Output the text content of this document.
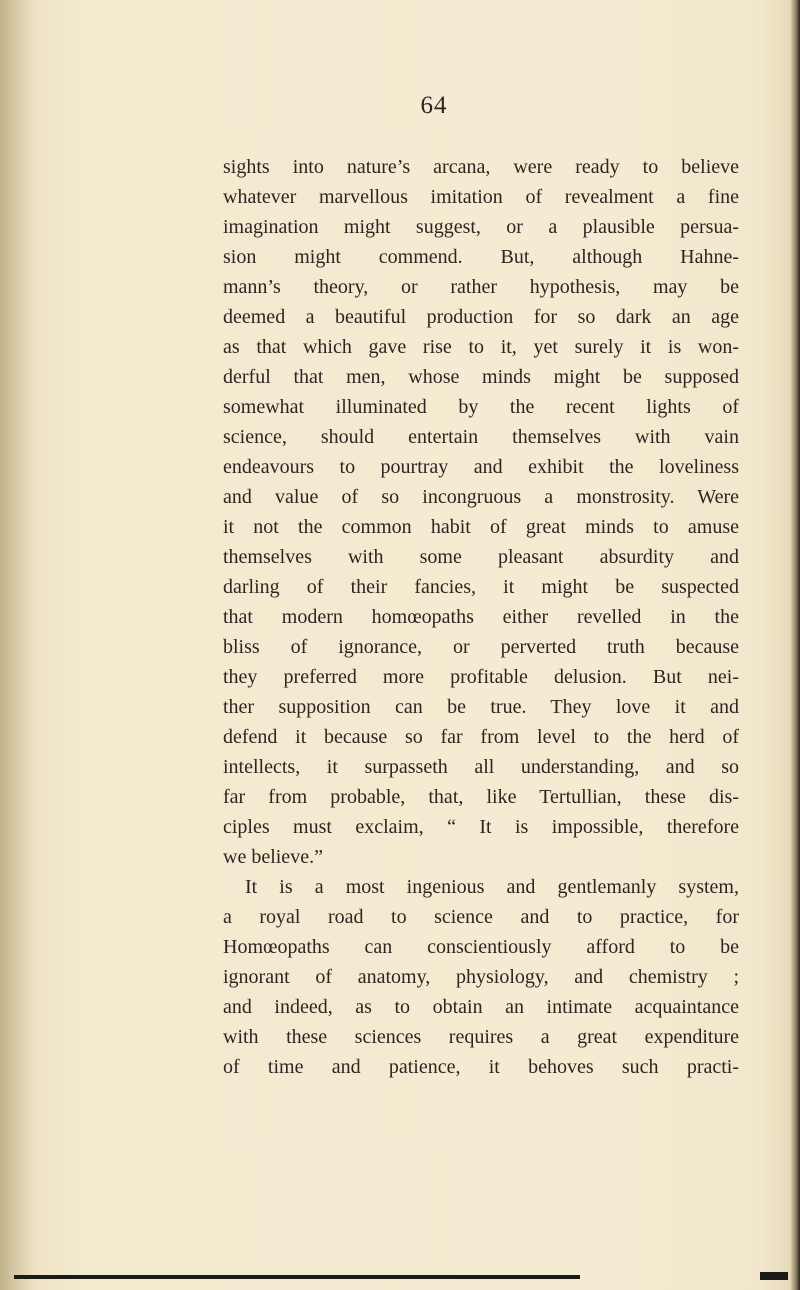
64
sights into nature’s arcana, were ready to believe
whatever marvellous imitation of revealment a fine
imagination might suggest, or a plausible persua-
sion might commend. But, although Hahne-
mann’s theory, or rather hypothesis, may be
deemed a beautiful production for so dark an age
as that which gave rise to it, yet surely it is won-
derful that men, whose minds might be supposed
somewhat illuminated by the recent lights of
science, should entertain themselves with vain
endeavours to pourtray and exhibit the loveliness
and value of so incongruous a monstrosity. Were
it not the common habit of great minds to amuse
themselves with some pleasant absurdity and
darling of their fancies, it might be suspected
that modern homœopaths either revelled in the
bliss of ignorance, or perverted truth because
they preferred more profitable delusion. But nei-
ther supposition can be true. They love it and
defend it because so far from level to the herd of
intellects, it surpasseth all understanding, and so
far from probable, that, like Tertullian, these dis-
ciples must exclaim, “ It is impossible, therefore
we believe.”
It is a most ingenious and gentlemanly system,
a royal road to science and to practice, for
Homœopaths can conscientiously afford to be
ignorant of anatomy, physiology, and chemistry ;
and indeed, as to obtain an intimate acquaintance
with these sciences requires a great expenditure
of time and patience, it behoves such practi-
